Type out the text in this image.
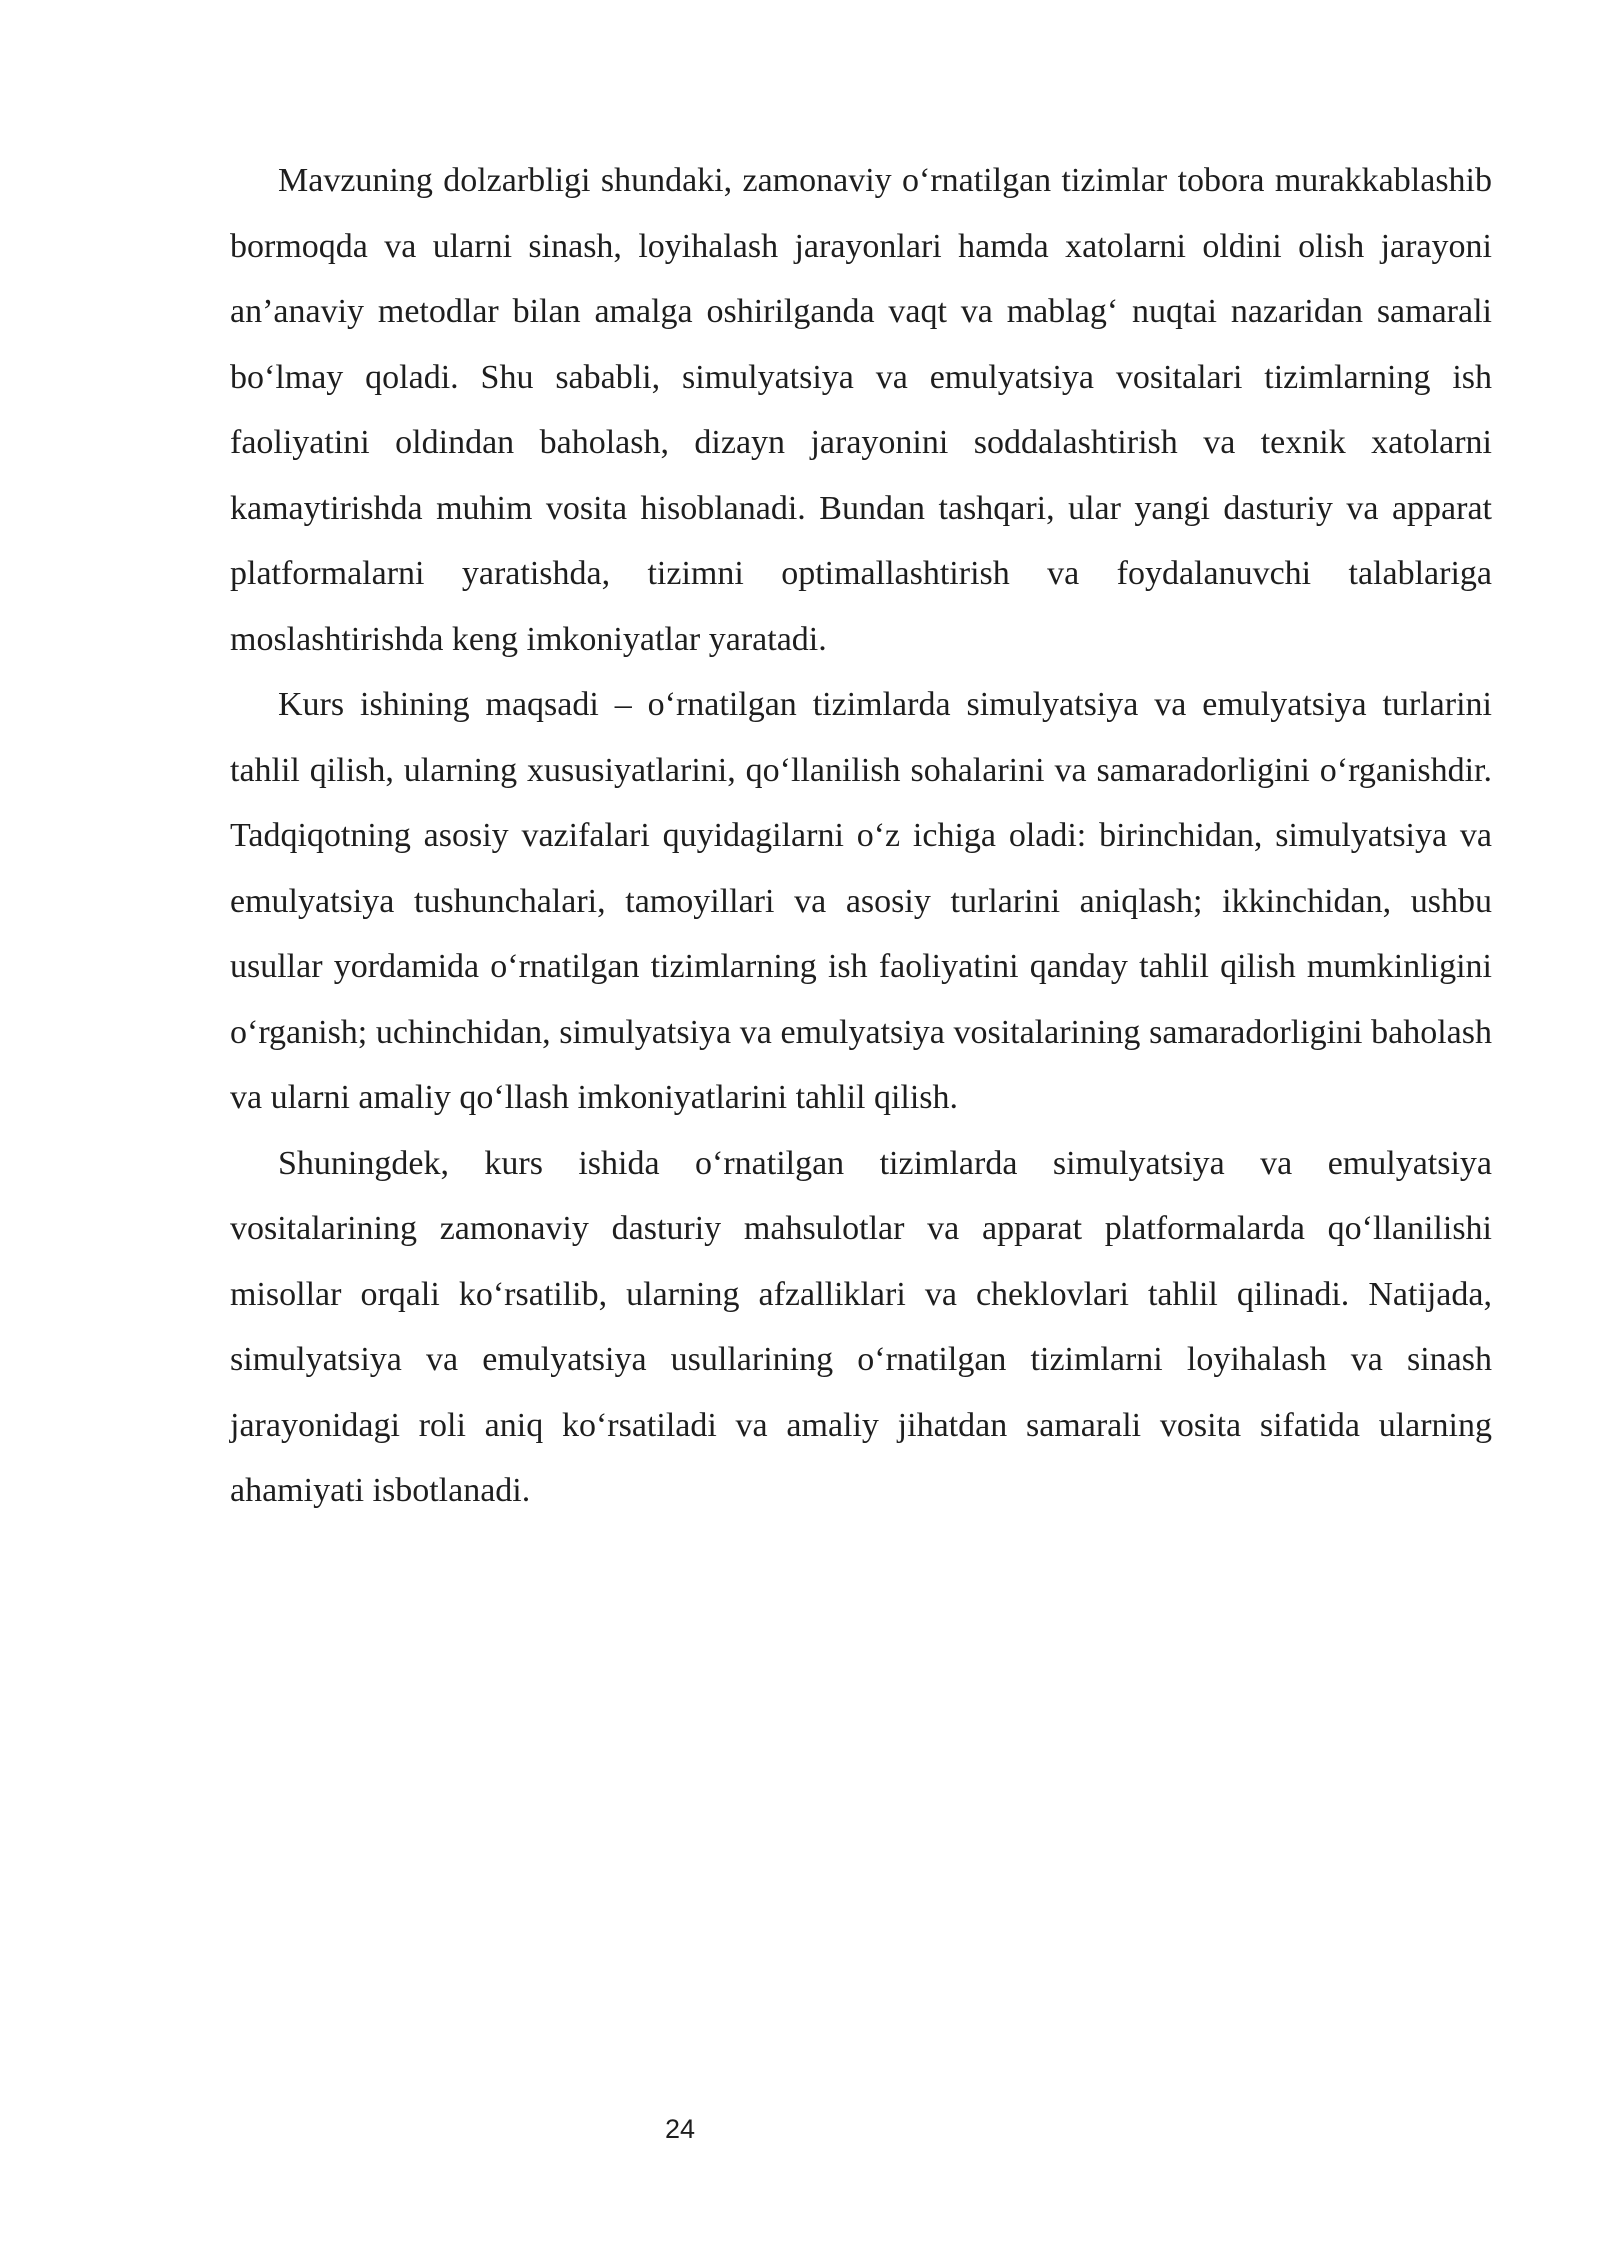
Mavzuning dolzarbligi shundaki, zamonaviy o‘rnatilgan tizimlar tobora murakkablashib bormoqda va ularni sinash, loyihalash jarayonlari hamda xatolarni oldini olish jarayoni an’anaviy metodlar bilan amalga oshirilganda vaqt va mablag‘ nuqtai nazaridan samarali bo‘lmay qoladi. Shu sababli, simulyatsiya va emulyatsiya vositalari tizimlarning ish faoliyatini oldindan baholash, dizayn jarayonini soddalashtirish va texnik xatolarni kamaytirishda muhim vosita hisoblanadi. Bundan tashqari, ular yangi dasturiy va apparat platformalarni yaratishda, tizimni optimallashtirish va foydalanuvchi talablariga moslashtirishda keng imkoniyatlar yaratadi.

Kurs ishining maqsadi – o‘rnatilgan tizimlarda simulyatsiya va emulyatsiya turlarini tahlil qilish, ularning xususiyatlarini, qo‘llanilish sohalarini va samaradorligini o‘rganishdir. Tadqiqotning asosiy vazifalari quyidagilarni o‘z ichiga oladi: birinchidan, simulyatsiya va emulyatsiya tushunchalari, tamoyillari va asosiy turlarini aniqlash; ikkinchidan, ushbu usullar yordamida o‘rnatilgan tizimlarning ish faoliyatini qanday tahlil qilish mumkinligini o‘rganish; uchinchidan, simulyatsiya va emulyatsiya vositalarining samaradorligini baholash va ularni amaliy qo‘llash imkoniyatlarini tahlil qilish.

Shuningdek, kurs ishida o‘rnatilgan tizimlarda simulyatsiya va emulyatsiya vositalarining zamonaviy dasturiy mahsulotlar va apparat platformalarda qo‘llanilishi misollar orqali ko‘rsatilib, ularning afzalliklari va cheklovlari tahlil qilinadi. Natijada, simulyatsiya va emulyatsiya usullarining o‘rnatilgan tizimlarni loyihalash va sinash jarayonidagi roli aniq ko‘rsatiladi va amaliy jihatdan samarali vosita sifatida ularning ahamiyati isbotlanadi.

24
